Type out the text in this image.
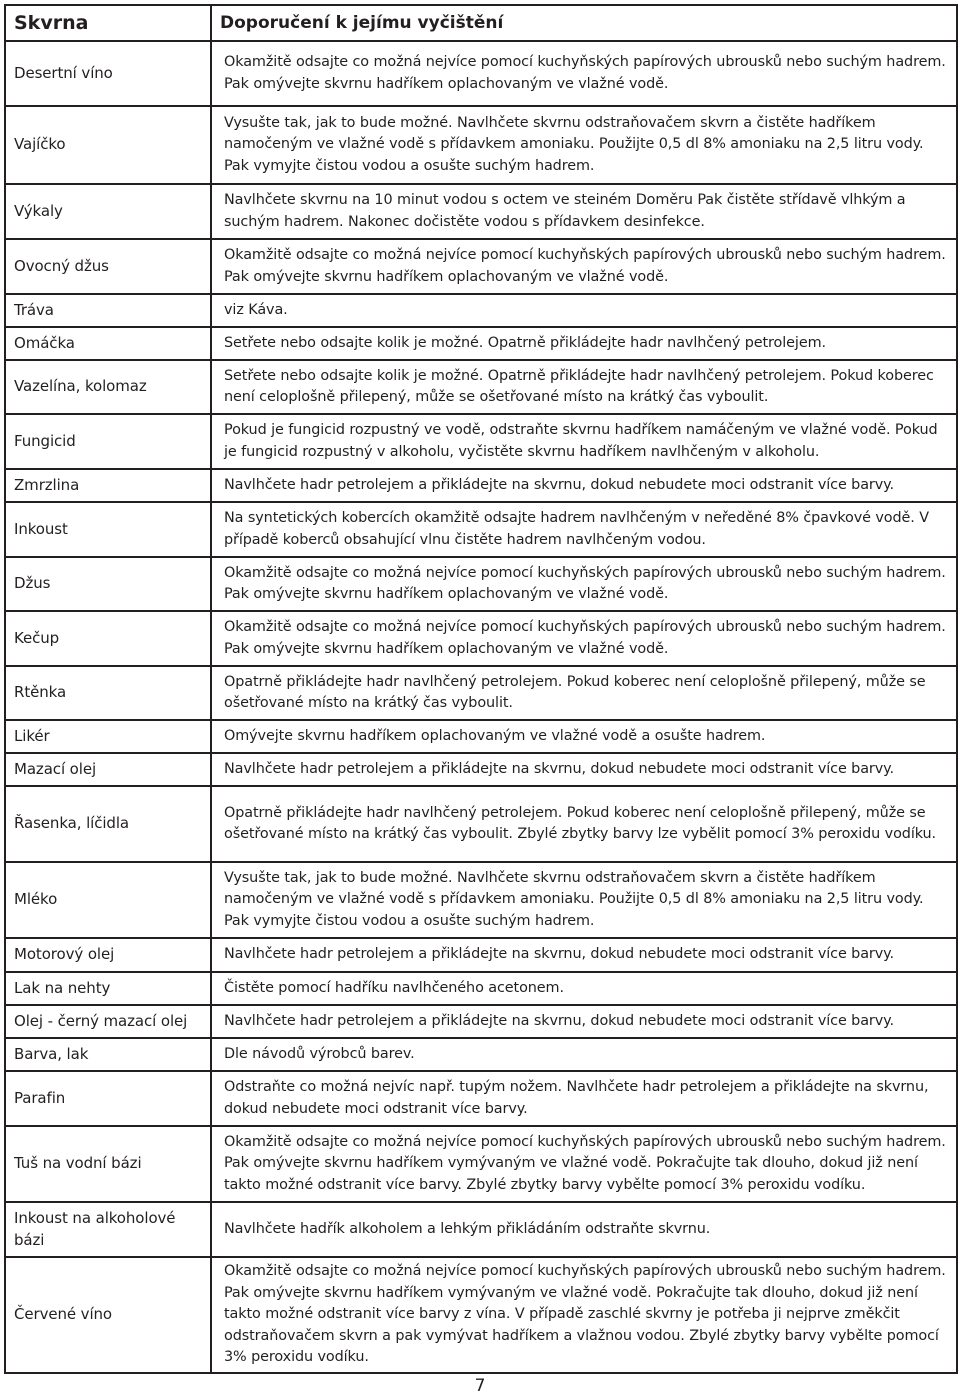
Skvrna	Doporučení k jejímu vyčištění
Desertní víno	Okamžitě odsajte co možná nejvíce pomocí kuchyňských papírových ubrousků nebo suchým hadrem. Pak omývejte skvrnu hadříkem oplachovaným ve vlažné vodě.
Vajíčko	Vysušte tak, jak to bude možné. Navlhčete skvrnu odstraňovačem skvrn a čistěte hadříkem namočeným ve vlažné vodě s přídavkem amoniaku. Použijte 0,5 dl 8% amoniaku na 2,5 litru vody. Pak vymyjte čistou vodou a osušte suchým hadrem.
Výkaly	Navlhčete skvrnu na 10 minut vodou s octem ve steiném Doměru Pak čistěte střídavě vlhkým a suchým hadrem. Nakonec dočistěte vodou s přídavkem desinfekce.
Ovocný džus	Okamžitě odsajte co možná nejvíce pomocí kuchyňských papírových ubrousků nebo suchým hadrem. Pak omývejte skvrnu hadříkem oplachovaným ve vlažné vodě.
Tráva	viz Káva.
Omáčka	Setřete nebo odsajte kolik je možné. Opatrně přikládejte hadr navlhčený petrolejem.
Vazelína, kolomaz	Setřete nebo odsajte kolik je možné. Opatrně přikládejte hadr navlhčený petrolejem. Pokud koberec není celoplošně přilepený, může se ošetřované místo na krátký čas vyboulit.
Fungicid	Pokud je fungicid rozpustný ve vodě, odstraňte skvrnu hadříkem namáčeným ve vlažné vodě. Pokud je fungicid rozpustný v alkoholu, vyčistěte skvrnu hadříkem navlhčeným v alkoholu.
Zmrzlina	Navlhčete hadr petrolejem a přikládejte na skvrnu, dokud nebudete moci odstranit více barvy.
Inkoust	Na syntetických kobercích okamžitě odsajte hadrem navlhčeným v neředěné 8% čpavkové vodě. V případě koberců obsahující vlnu čistěte hadrem navlhčeným vodou.
Džus	Okamžitě odsajte co možná nejvíce pomocí kuchyňských papírových ubrousků nebo suchým hadrem. Pak omývejte skvrnu hadříkem oplachovaným ve vlažné vodě.
Kečup	Okamžitě odsajte co možná nejvíce pomocí kuchyňských papírových ubrousků nebo suchým hadrem. Pak omývejte skvrnu hadříkem oplachovaným ve vlažné vodě.
Rtěnka	Opatrně přikládejte hadr navlhčený petrolejem. Pokud koberec není celoplošně přilepený, může se ošetřované místo na krátký čas vyboulit.
Likér	Omývejte skvrnu hadříkem oplachovaným ve vlažné vodě a osušte hadrem.
Mazací olej	Navlhčete hadr petrolejem a přikládejte na skvrnu, dokud nebudete moci odstranit více barvy.
Řasenka, líčidla	Opatrně přikládejte hadr navlhčený petrolejem. Pokud koberec není celoplošně přilepený, může se ošetřované místo na krátký čas vyboulit. Zbylé zbytky barvy lze vybělit pomocí 3% peroxidu vodíku.
Mléko	Vysušte tak, jak to bude možné. Navlhčete skvrnu odstraňovačem skvrn a čistěte hadříkem namočeným ve vlažné vodě s přídavkem amoniaku. Použijte 0,5 dl 8% amoniaku na 2,5 litru vody. Pak vymyjte čistou vodou a osušte suchým hadrem.
Motorový olej	Navlhčete hadr petrolejem a přikládejte na skvrnu, dokud nebudete moci odstranit více barvy.
Lak na nehty	Čistěte pomocí hadříku navlhčeného acetonem.
Olej - černý mazací olej	Navlhčete hadr petrolejem a přikládejte na skvrnu, dokud nebudete moci odstranit více barvy.
Barva, lak	Dle návodů výrobců barev.
Parafin	Odstraňte co možná nejvíc např. tupým nožem. Navlhčete hadr petrolejem a přikládejte na skvrnu, dokud nebudete moci odstranit více barvy.
Tuš na vodní bázi	Okamžitě odsajte co možná nejvíce pomocí kuchyňských papírových ubrousků nebo suchým hadrem. Pak omývejte skvrnu hadříkem vymývaným ve vlažné vodě. Pokračujte tak dlouho, dokud již není takto možné odstranit více barvy. Zbylé zbytky barvy vybělte pomocí 3% peroxidu vodíku.
Inkoust na alkoholové bázi	Navlhčete hadřík alkoholem a lehkým přikládáním odstraňte skvrnu.
Červené víno	Okamžitě odsajte co možná nejvíce pomocí kuchyňských papírových ubrousků nebo suchým hadrem. Pak omývejte skvrnu hadříkem vymývaným ve vlažné vodě. Pokračujte tak dlouho, dokud již není takto možné odstranit více barvy z vína. V případě zaschlé skvrny je potřeba ji nejprve změkčit odstraňovačem skvrn a pak vymývat hadříkem a vlažnou vodou. Zbylé zbytky barvy vybělte pomocí 3% peroxidu vodíku.
7
